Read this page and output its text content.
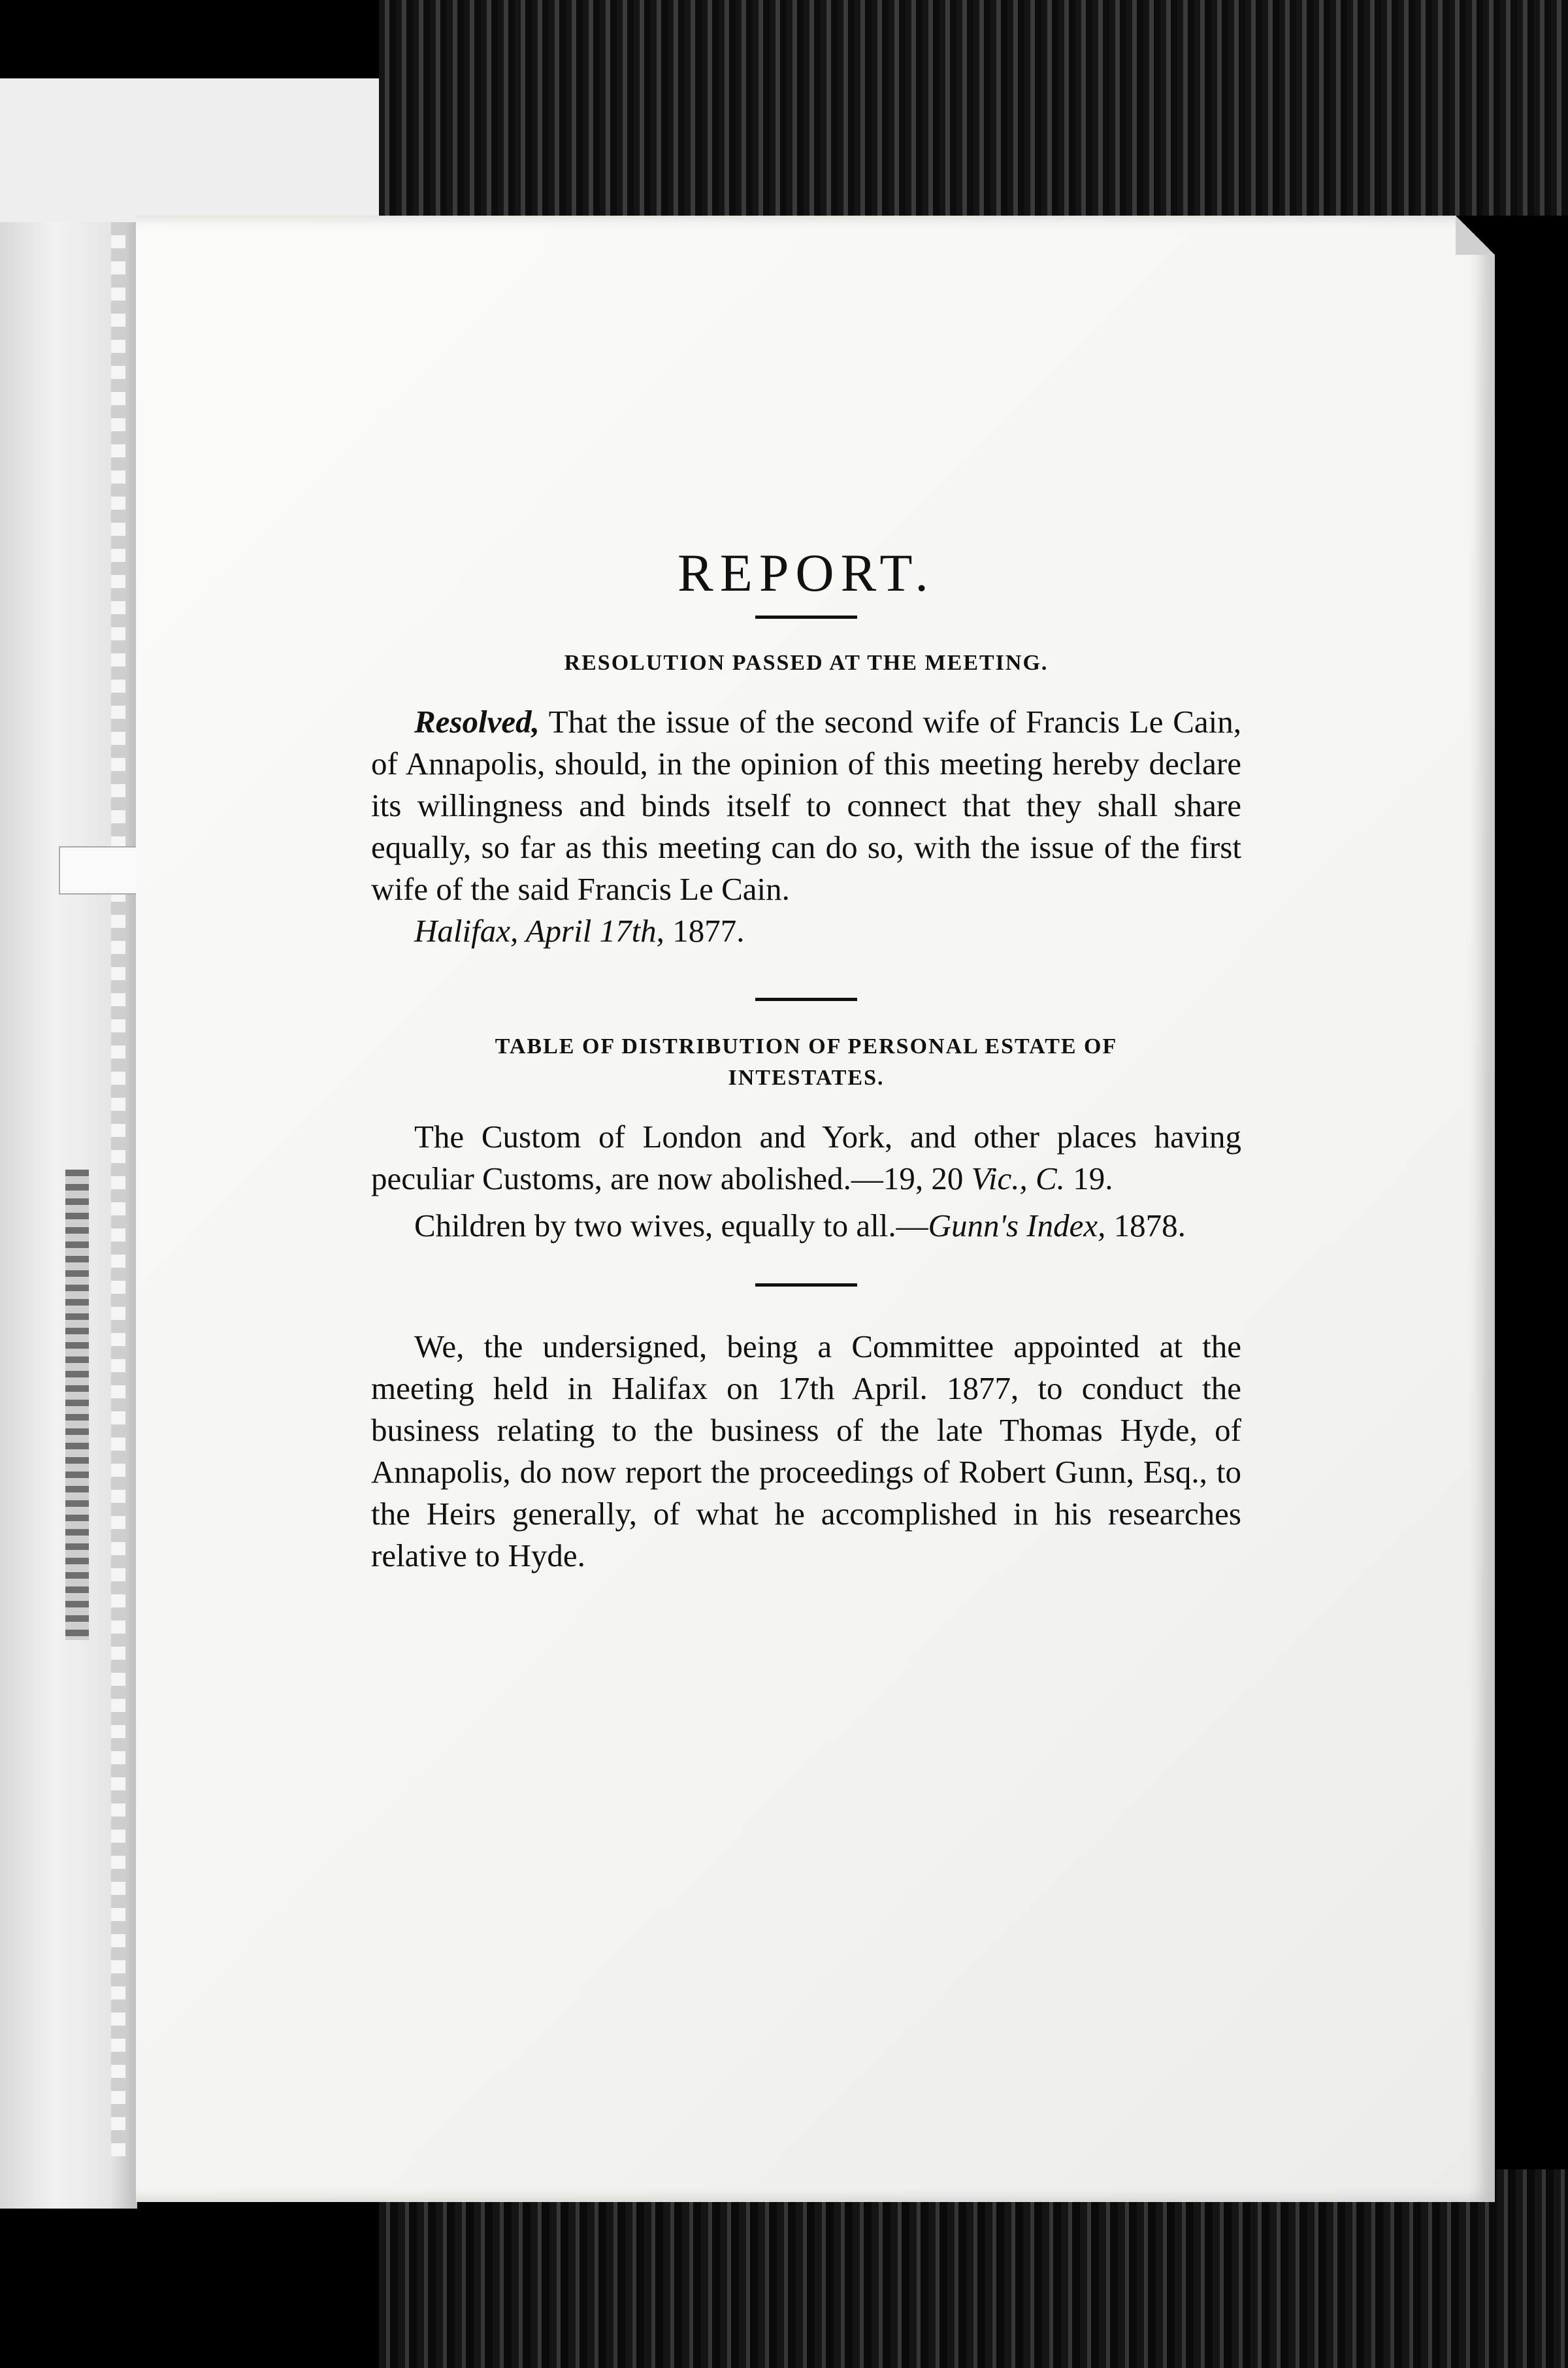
REPORT.
RESOLUTION PASSED AT THE MEETING.

Resolved, That the issue of the second wife of Francis Le Cain, of Annapolis, should, in the opinion of this meeting hereby declare its willingness and binds itself to connect that they shall share equally, so far as this meeting can do so, with the issue of the first wife of the said Francis Le Cain.

Halifax, April 17th, 1877.
TABLE OF DISTRIBUTION OF PERSONAL ESTATE OF
INTESTATES.

The Custom of London and York, and other places having peculiar Customs, are now abolished.—19, 20 Vic., C. 19.

Children by two wives, equally to all.—Gunn's Index, 1878.

We, the undersigned, being a Committee appointed at the meeting held in Halifax on 17th April. 1877, to conduct the business relating to the business of the late Thomas Hyde, of Annapolis, do now report the proceedings of Robert Gunn, Esq., to the Heirs generally, of what he accomplished in his researches relative to Hyde.
